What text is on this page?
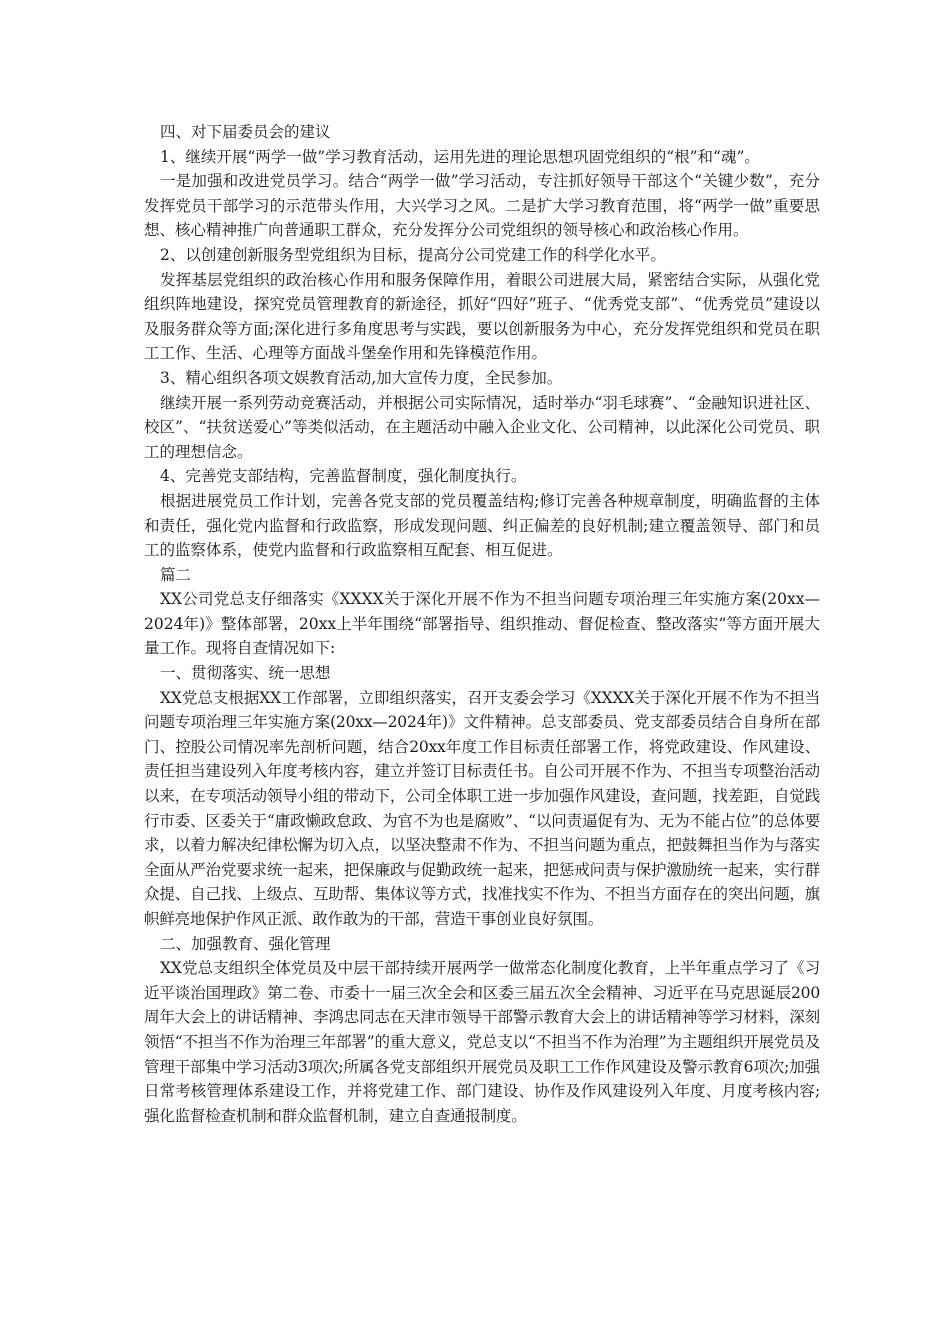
四、对下届委员会的建议

1、继续开展“两学一做”学习教育活动，运用先进的理论思想巩固党组织的“根”和“魂”。

一是加强和改进党员学习。结合“两学一做”学习活动，专注抓好领导干部这个“关键少数”，充分发挥党员干部学习的示范带头作用，大兴学习之风。二是扩大学习教育范围，将“两学一做”重要思想、核心精神推广向普通职工群众，充分发挥分公司党组织的领导核心和政治核心作用。

2、以创建创新服务型党组织为目标，提高分公司党建工作的科学化水平。

发挥基层党组织的政治核心作用和服务保障作用，着眼公司进展大局，紧密结合实际，从强化党组织阵地建设，探究党员管理教育的新途径，抓好“四好”班子、“优秀党支部”、“优秀党员”建设以及服务群众等方面;深化进行多角度思考与实践，要以创新服务为中心，充分发挥党组织和党员在职工工作、生活、心理等方面战斗堡垒作用和先锋模范作用。

3、精心组织各项文娱教育活动,加大宣传力度，全民参加。

继续开展一系列劳动竞赛活动，并根据公司实际情况，适时举办“羽毛球赛”、“金融知识进社区、校区”、“扶贫送爱心”等类似活动，在主题活动中融入企业文化、公司精神，以此深化公司党员、职工的理想信念。

4、完善党支部结构，完善监督制度，强化制度执行。

根据进展党员工作计划，完善各党支部的党员覆盖结构;修订完善各种规章制度，明确监督的主体和责任，强化党内监督和行政监察，形成发现问题、纠正偏差的良好机制;建立覆盖领导、部门和员工的监察体系，使党内监督和行政监察相互配套、相互促进。

篇二

XX公司党总支仔细落实《XXXX关于深化开展不作为不担当问题专项治理三年实施方案(20xx—2024年)》整体部署，20xx上半年围绕“部署指导、组织推动、督促检查、整改落实”等方面开展大量工作。现将自查情况如下:

一、贯彻落实、统一思想

XX党总支根据XX工作部署，立即组织落实，召开支委会学习《XXXX关于深化开展不作为不担当问题专项治理三年实施方案(20xx—2024年)》文件精神。总支部委员、党支部委员结合自身所在部门、控股公司情况率先剖析问题，结合20xx年度工作目标责任部署工作，将党政建设、作风建设、责任担当建设列入年度考核内容，建立并签订目标责任书。自公司开展不作为、不担当专项整治活动以来，在专项活动领导小组的带动下，公司全体职工进一步加强作风建设，查问题，找差距，自觉践行市委、区委关于“庸政懒政怠政、为官不为也是腐败”、“以问责逼促有为、无为不能占位”的总体要求，以着力解决纪律松懈为切入点，以坚决整肃不作为、不担当问题为重点，把鼓舞担当作为与落实全面从严治党要求统一起来，把保廉政与促勤政统一起来，把惩戒问责与保护激励统一起来，实行群众提、自己找、上级点、互助帮、集体议等方式，找准找实不作为、不担当方面存在的突出问题，旗帜鲜亮地保护作风正派、敢作敢为的干部，营造干事创业良好氛围。

二、加强教育、强化管理

XX党总支组织全体党员及中层干部持续开展两学一做常态化制度化教育，上半年重点学习了《习近平谈治国理政》第二卷、市委十一届三次全会和区委三届五次全会精神、习近平在马克思诞辰200周年大会上的讲话精神、李鸿忠同志在天津市领导干部警示教育大会上的讲话精神等学习材料，深刻领悟“不担当不作为治理三年部署”的重大意义，党总支以“不担当不作为治理”为主题组织开展党员及管理干部集中学习活动3项次;所属各党支部组织开展党员及职工工作作风建设及警示教育6项次;加强日常考核管理体系建设工作，并将党建工作、部门建设、协作及作风建设列入年度、月度考核内容;强化监督检查机制和群众监督机制，建立自查通报制度。
